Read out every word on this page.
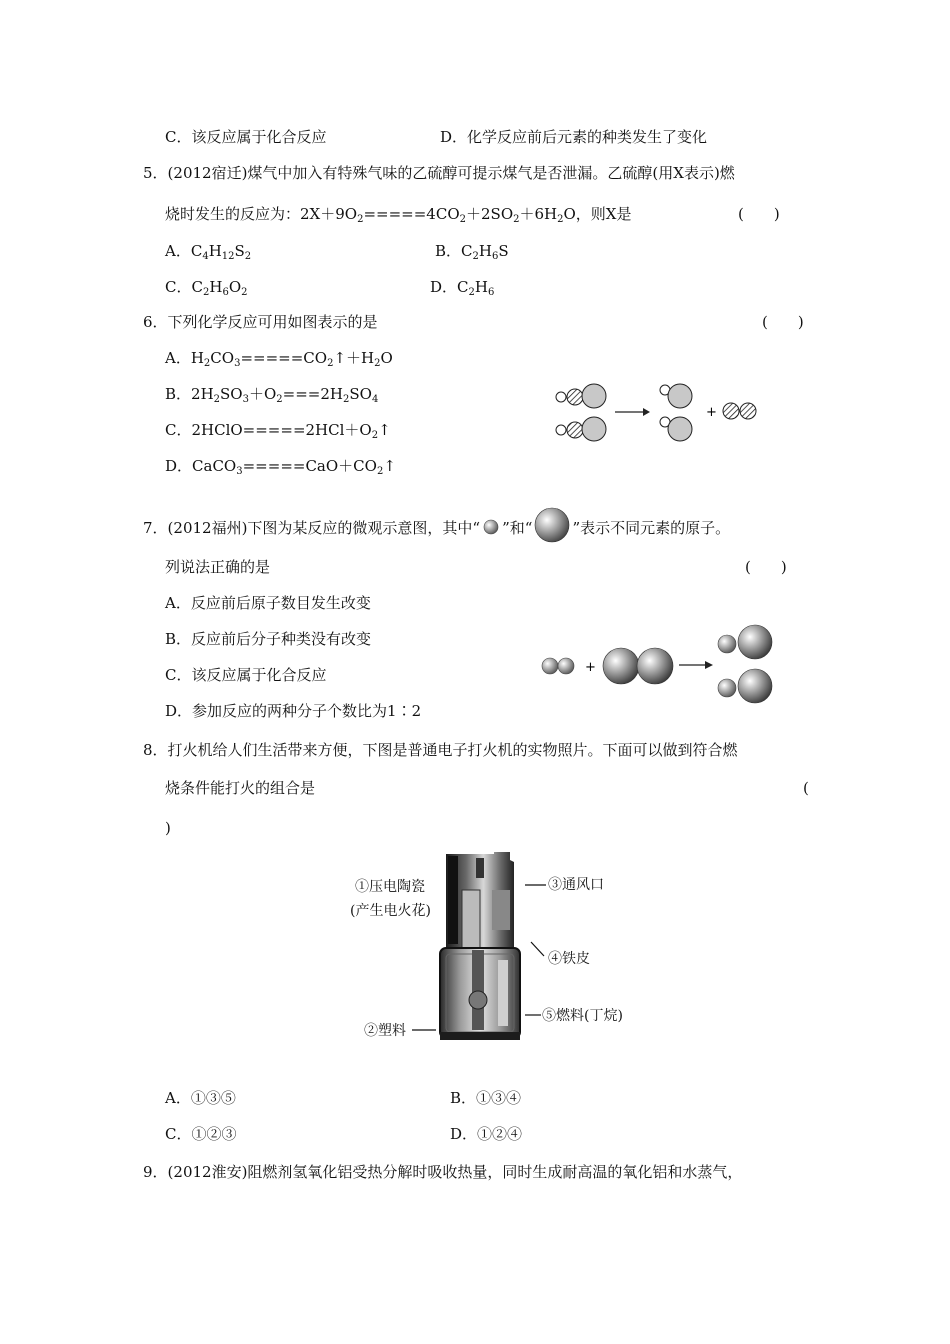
C．该反应属于化合反应	D．化学反应前后元素的种类发生了变化
5．(2012宿迁)煤气中加入有特殊气味的乙硫醇可提示煤气是否泄漏。乙硫醇(用X表示)燃
烧时发生的反应为：$2X+9O_2=====4CO_2+2SO_2+6H_2O$，则X是	(　　)
A．$C_4H_{12}S_2$	B．$C_2H_6S$
C．$C_2H_6O_2$	D．$C_2H_6$
6．下列化学反应可用如图表示的是	(　　)
A．$H_2CO_3=====CO_2↑+H_2O$
B．$2H_2SO_3+O_2===2H_2SO_4$
C．$2HClO=====2HCl+O_2↑$
D．$CaCO_3=====CaO+CO_2↑$
+
7．(2012福州)下图为某反应的微观示意图，其中“ ”和“	”表示不同元素的原子。
列说法正确的是	(　　)
A．反应前后原子数目发生改变
B．反应前后分子种类没有改变
C．该反应属于化合反应
D．参加反应的两种分子个数比为1∶2
+
8．打火机给人们生活带来方便，下图是普通电子打火机的实物照片。下面可以做到符合燃
烧条件能打火的组合是	(
)
①压电陶瓷
(产生电火花)
③通风口
④铁皮
⑤燃料(丁烷)
②塑料
A．①③⑤	B．①③④
C．①②③	D．①②④
9．(2012淮安)阻燃剂氢氧化铝受热分解时吸收热量，同时生成耐高温的氧化铝和水蒸气，
